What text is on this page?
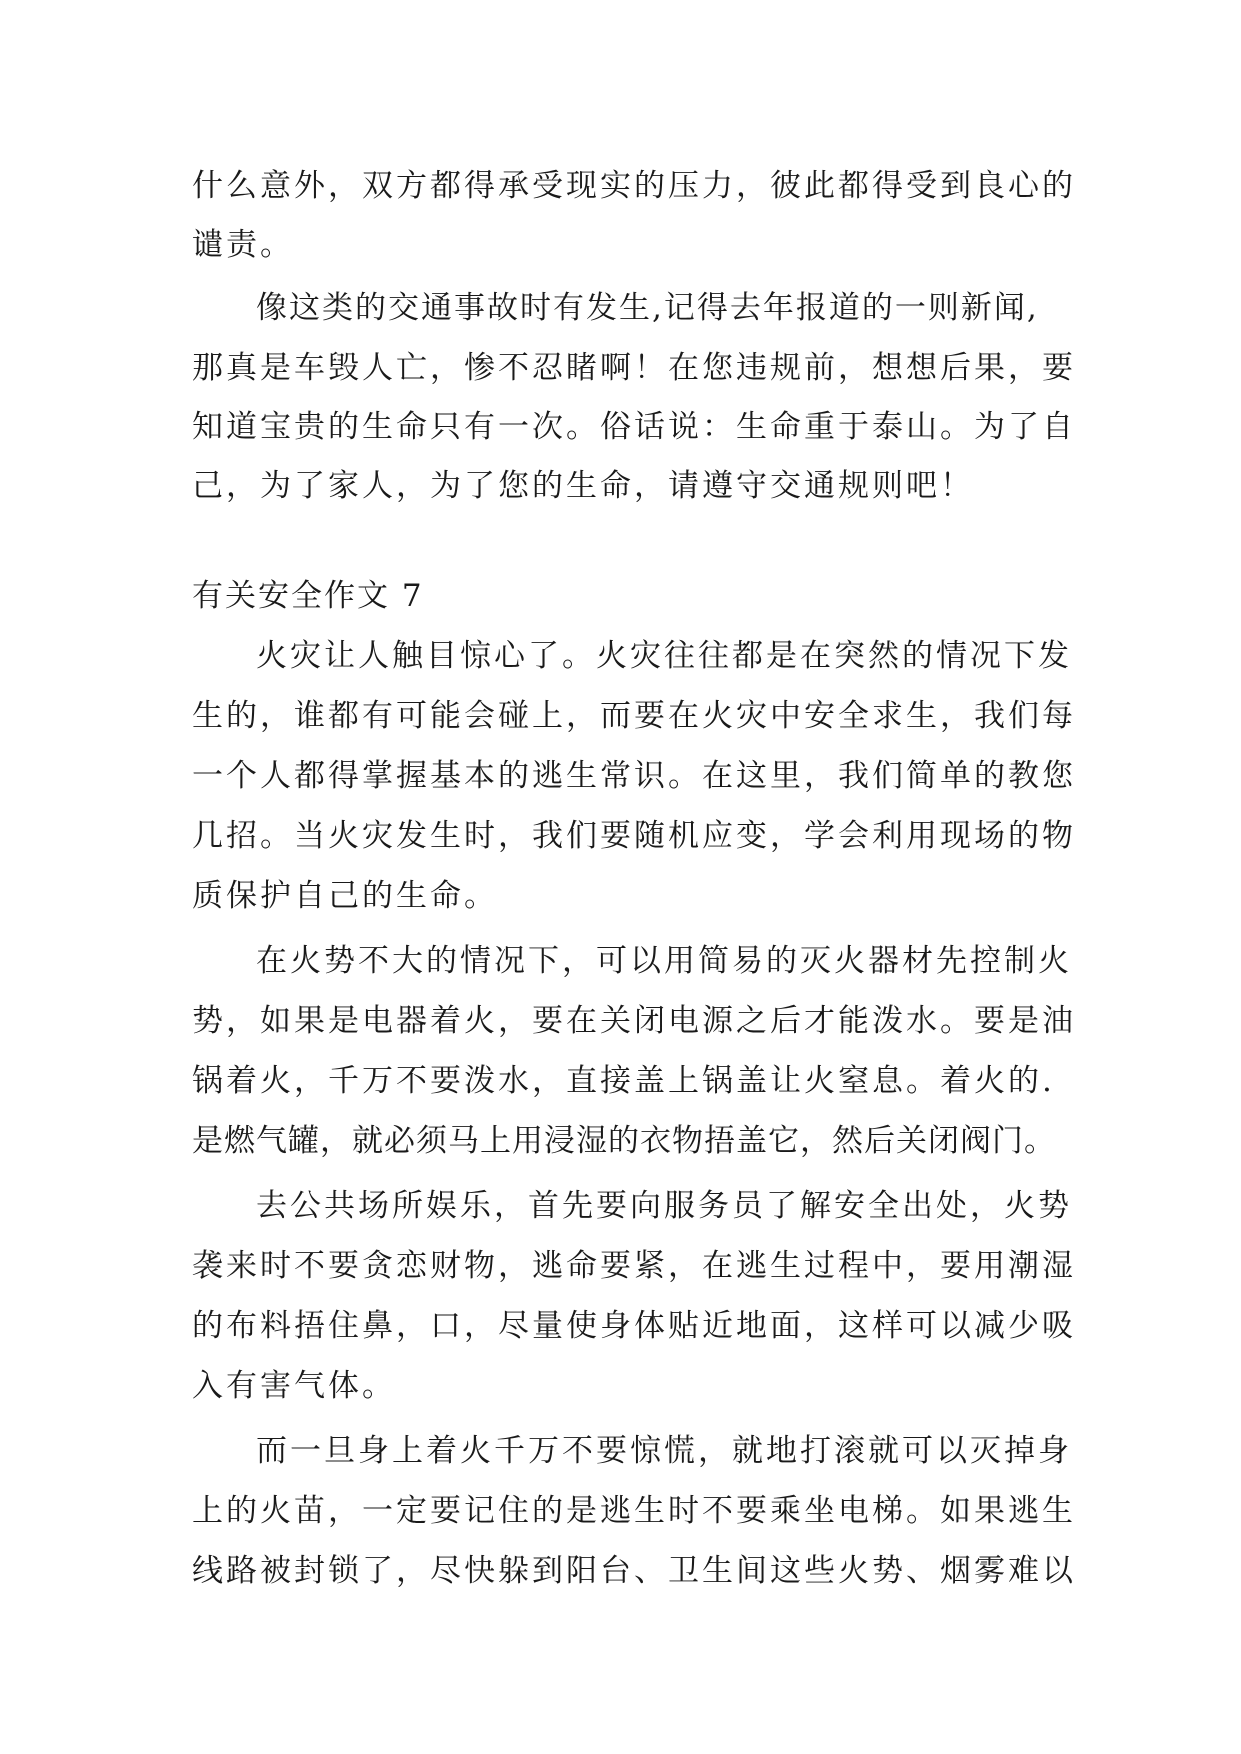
什么意外，双方都得承受现实的压力，彼此都得受到良心的

谴责。

像这类的交通事故时有发生,记得去年报道的一则新闻,

那真是车毁人亡，惨不忍睹啊！在您违规前，想想后果，要

知道宝贵的生命只有一次。俗话说：生命重于泰山。为了自

己，为了家人，为了您的生命，请遵守交通规则吧！

有关安全作文 7

火灾让人触目惊心了。火灾往往都是在突然的情况下发

生的，谁都有可能会碰上，而要在火灾中安全求生，我们每

一个人都得掌握基本的逃生常识。在这里，我们简单的教您

几招。当火灾发生时，我们要随机应变，学会利用现场的物

质保护自己的生命。

在火势不大的情况下，可以用简易的灭火器材先控制火

势，如果是电器着火，要在关闭电源之后才能泼水。要是油

锅着火，千万不要泼水，直接盖上锅盖让火窒息。着火的.

是燃气罐，就必须马上用浸湿的衣物捂盖它，然后关闭阀门。

去公共场所娱乐，首先要向服务员了解安全出处，火势

袭来时不要贪恋财物，逃命要紧，在逃生过程中，要用潮湿

的布料捂住鼻，口，尽量使身体贴近地面，这样可以减少吸

入有害气体。

而一旦身上着火千万不要惊慌，就地打滚就可以灭掉身

上的火苗，一定要记住的是逃生时不要乘坐电梯。如果逃生

线路被封锁了，尽快躲到阳台、卫生间这些火势、烟雾难以
